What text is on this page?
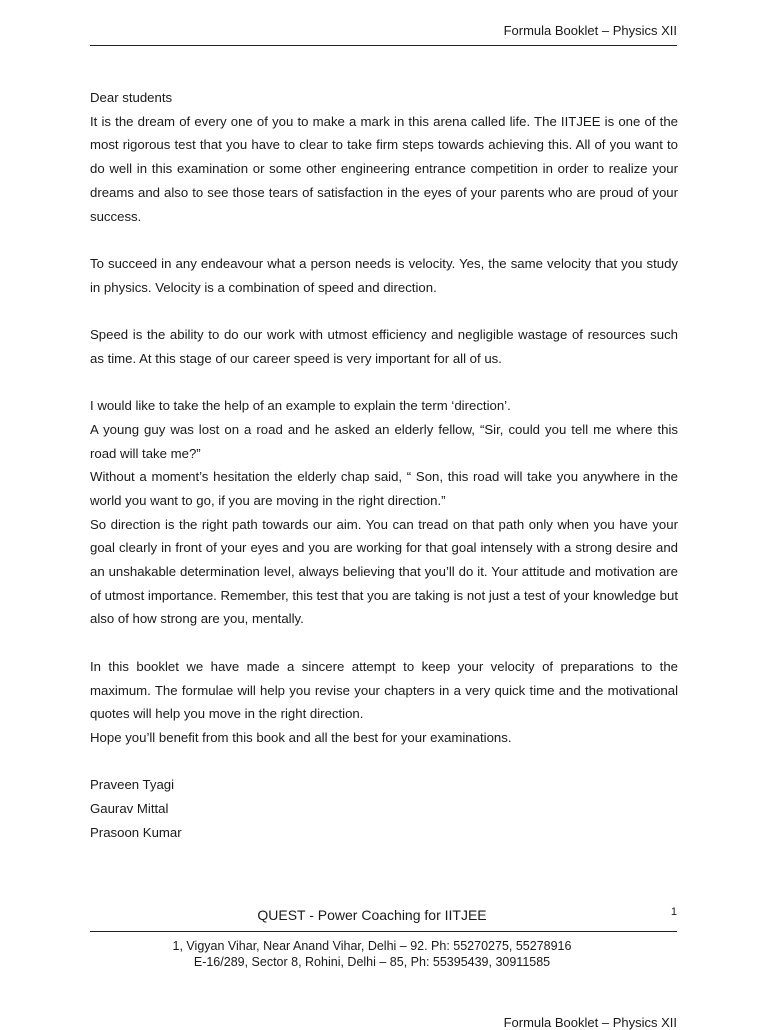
Formula Booklet – Physics XII

Dear students

It is the dream of every one of you to make a mark in this arena called life. The IITJEE is one of the most rigorous test that you have to clear to take firm steps towards achieving this. All of you want to do well in this examination or some other engineering entrance competition in order to realize your dreams and also to see those tears of satisfaction in the eyes of your parents who are proud of your success.

To succeed in any endeavour what a person needs is velocity. Yes, the same velocity that you study in physics. Velocity is a combination of speed and direction.

Speed is the ability to do our work with utmost efficiency and negligible wastage of resources such as time. At this stage of our career speed is very important for all of us.

I would like to take the help of an example to explain the term ‘direction’.

A young guy was lost on a road and he asked an elderly fellow, “Sir, could you tell me where this road will take me?”

Without a moment’s hesitation the elderly chap said, “ Son, this road will take you anywhere in the world you want to go, if you are moving in the right direction.”

So direction is the right path towards our aim. You can tread on that path only when you have your goal clearly in front of your eyes and you are working for that goal intensely with a strong desire and an unshakable determination level, always believing that you’ll do it. Your attitude and motivation are of utmost importance. Remember, this test that you are taking is not just a test of your knowledge but also of how strong are you, mentally.

In this booklet we have made a sincere attempt to keep your velocity of preparations to the maximum. The formulae will help you revise your chapters in a very quick time and the motivational quotes will help you move in the right direction.

Hope you’ll benefit from this book and all the best for your examinations.

Praveen Tyagi

Gaurav Mittal

Prasoon Kumar

QUEST - Power Coaching for IITJEE	1
1, Vigyan Vihar, Near Anand Vihar, Delhi – 92. Ph: 55270275, 55278916
E-16/289, Sector 8, Rohini, Delhi – 85, Ph: 55395439, 30911585
Formula Booklet – Physics XII
